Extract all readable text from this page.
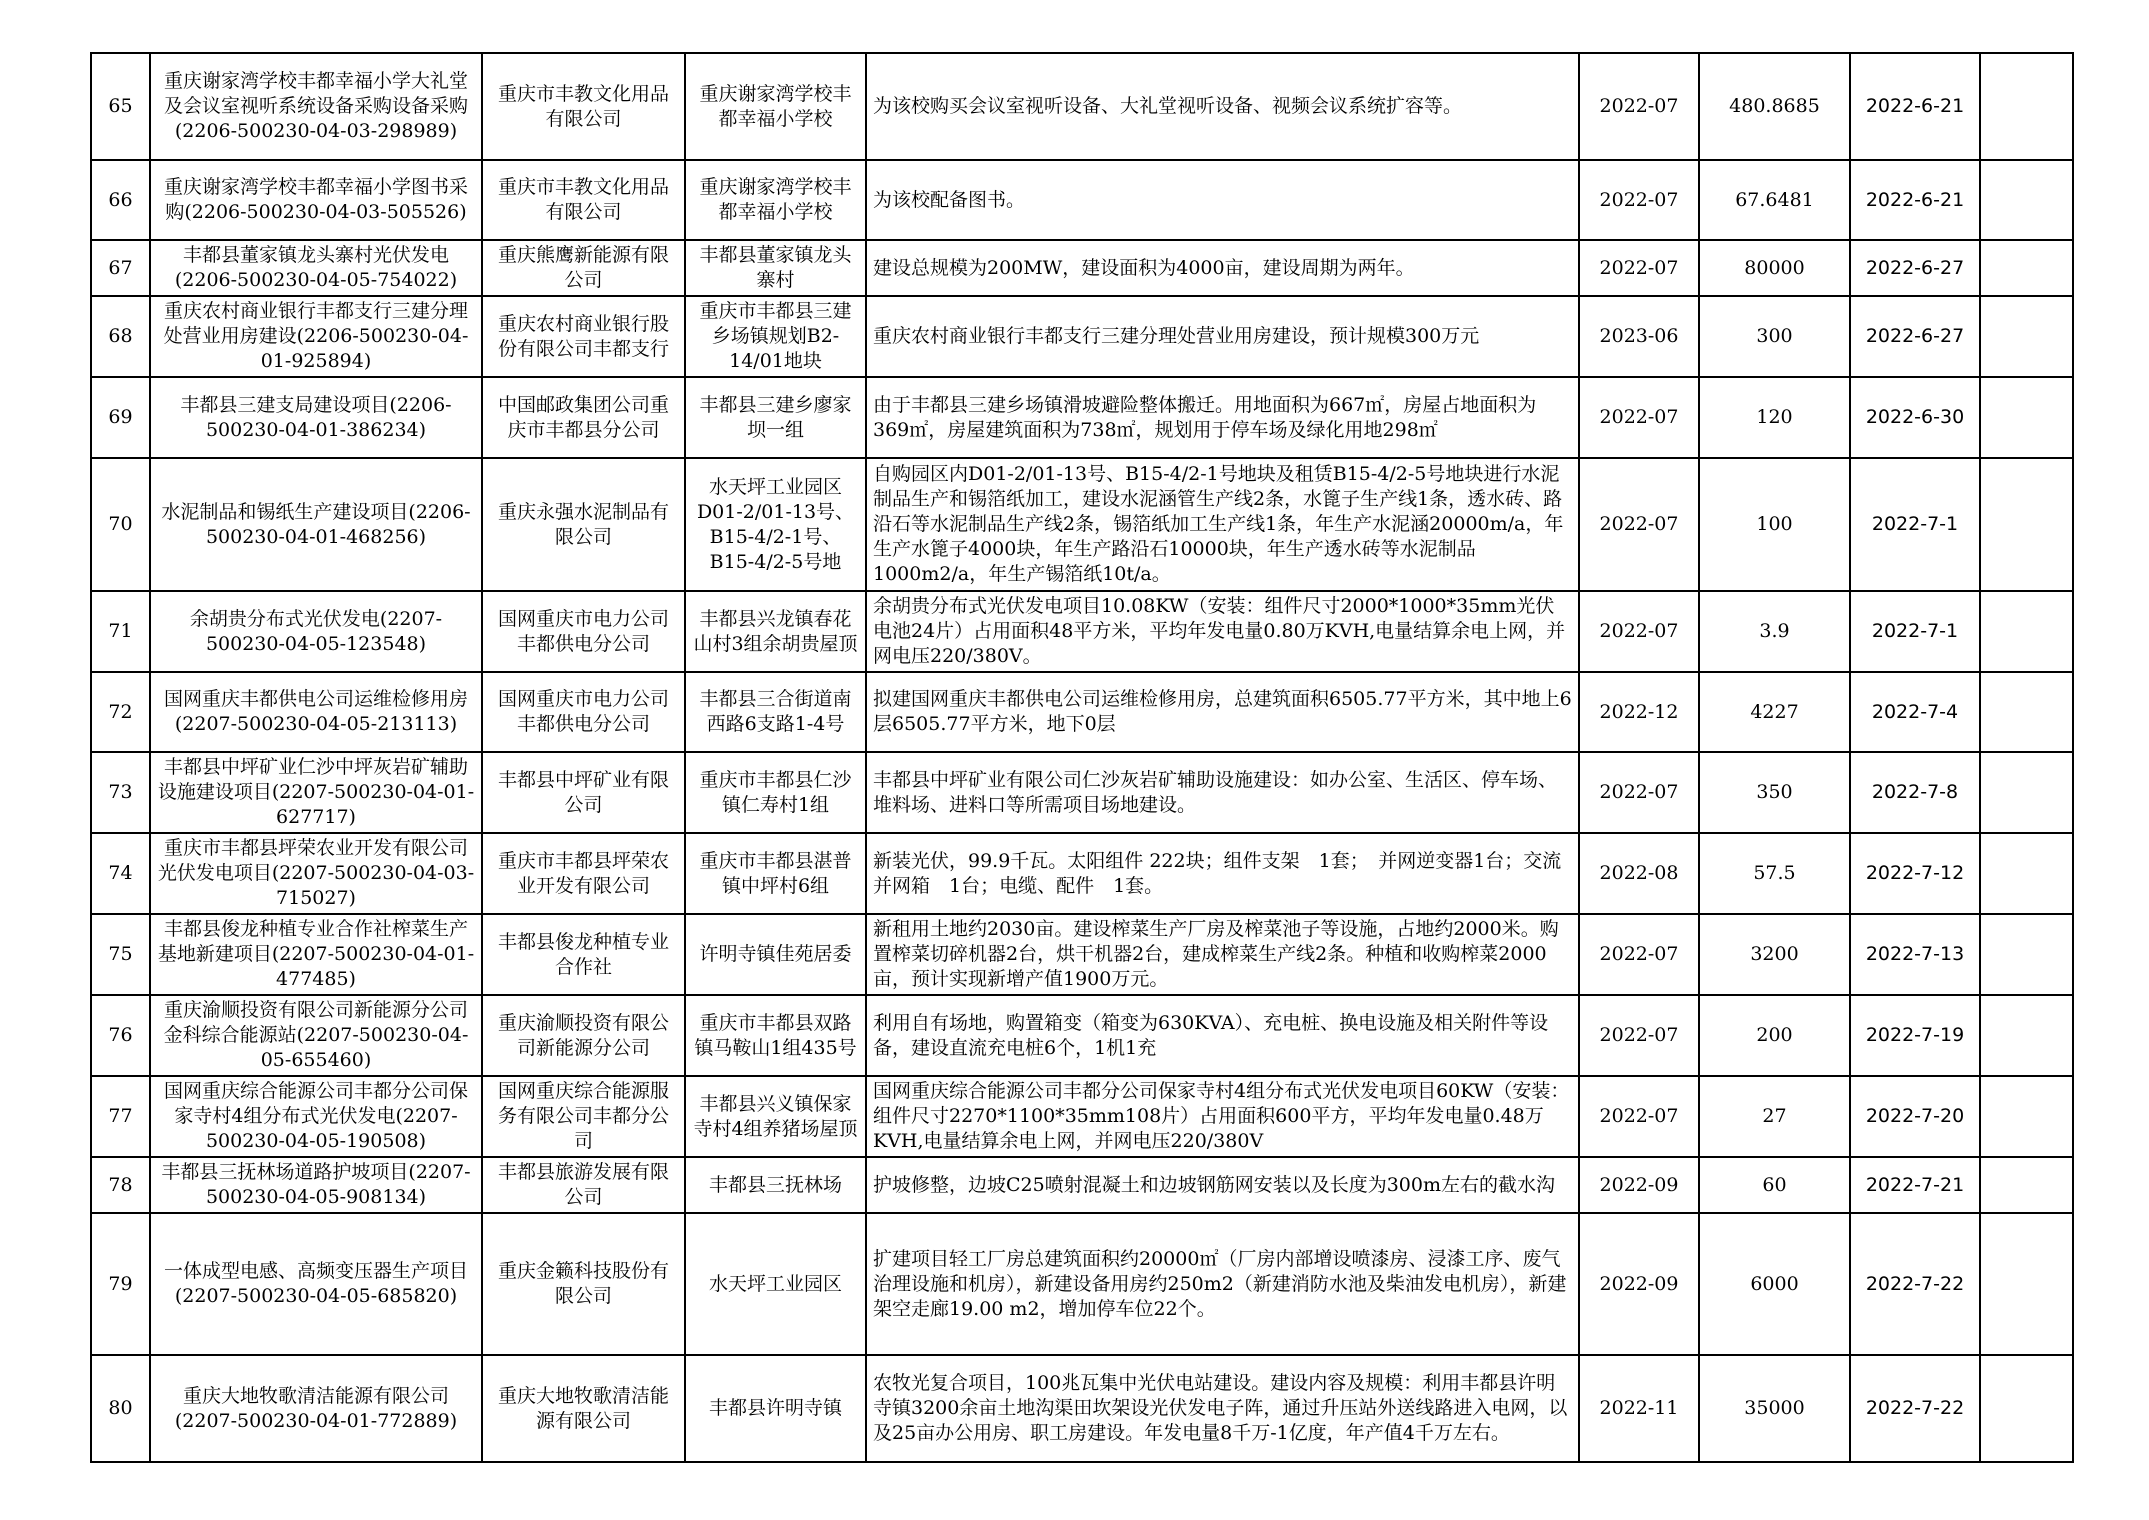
65	重庆谢家湾学校丰都幸福小学大礼堂及会议室视听系统设备采购设备采购(2206-500230-04-03-298989)	重庆市丰教文化用品有限公司	重庆谢家湾学校丰都幸福小学校	为该校购买会议室视听设备、大礼堂视听设备、视频会议系统扩容等。	2022-07	480.8685	2022-6-21	
66	重庆谢家湾学校丰都幸福小学图书采购(2206-500230-04-03-505526)	重庆市丰教文化用品有限公司	重庆谢家湾学校丰都幸福小学校	为该校配备图书。	2022-07	67.6481	2022-6-21	
67	丰都县董家镇龙头寨村光伏发电(2206-500230-04-05-754022)	重庆熊鹰新能源有限公司	丰都县董家镇龙头寨村	建设总规模为200MW，建设面积为4000亩，建设周期为两年。	2022-07	80000	2022-6-27	
68	重庆农村商业银行丰都支行三建分理处营业用房建设(2206-500230-04-01-925894)	重庆农村商业银行股份有限公司丰都支行	重庆市丰都县三建乡场镇规划B2-14/01地块	重庆农村商业银行丰都支行三建分理处营业用房建设，预计规模300万元	2023-06	300	2022-6-27	
69	丰都县三建支局建设项目(2206-500230-04-01-386234)	中国邮政集团公司重庆市丰都县分公司	丰都县三建乡廖家坝一组	由于丰都县三建乡场镇滑坡避险整体搬迁。用地面积为667㎡，房屋占地面积为369㎡，房屋建筑面积为738㎡，规划用于停车场及绿化用地298㎡	2022-07	120	2022-6-30	
70	水泥制品和锡纸生产建设项目(2206-500230-04-01-468256)	重庆永强水泥制品有限公司	水天坪工业园区D01-2/01-13号、B15-4/2-1号、B15-4/2-5号地	自购园区内D01-2/01-13号、B15-4/2-1号地块及租赁B15-4/2-5号地块进行水泥制品生产和锡箔纸加工，建设水泥涵管生产线2条，水篦子生产线1条，透水砖、路沿石等水泥制品生产线2条，锡箔纸加工生产线1条，年生产水泥涵20000m/a，年生产水篦子4000块，年生产路沿石10000块，年生产透水砖等水泥制品1000m2/a，年生产锡箔纸10t/a。	2022-07	100	2022-7-1	
71	余胡贵分布式光伏发电(2207-500230-04-05-123548)	国网重庆市电力公司丰都供电分公司	丰都县兴龙镇春花山村3组余胡贵屋顶	余胡贵分布式光伏发电项目10.08KW（安装：组件尺寸2000*1000*35mm光伏电池24片）占用面积48平方米，平均年发电量0.80万KVH,电量结算余电上网，并网电压220/380V。	2022-07	3.9	2022-7-1	
72	国网重庆丰都供电公司运维检修用房(2207-500230-04-05-213113)	国网重庆市电力公司丰都供电分公司	丰都县三合街道南西路6支路1-4号	拟建国网重庆丰都供电公司运维检修用房，总建筑面积6505.77平方米，其中地上6层6505.77平方米，地下0层	2022-12	4227	2022-7-4	
73	丰都县中坪矿业仁沙中坪灰岩矿辅助设施建设项目(2207-500230-04-01-627717)	丰都县中坪矿业有限公司	重庆市丰都县仁沙镇仁寿村1组	丰都县中坪矿业有限公司仁沙灰岩矿辅助设施建设：如办公室、生活区、停车场、堆料场、进料口等所需项目场地建设。	2022-07	350	2022-7-8	
74	重庆市丰都县坪荣农业开发有限公司光伏发电项目(2207-500230-04-03-715027)	重庆市丰都县坪荣农业开发有限公司	重庆市丰都县湛普镇中坪村6组	新装光伏，99.9千瓦。太阳组件 222块；组件支架　1套；　并网逆变器1台；交流并网箱　1台；电缆、配件　1套。	2022-08	57.5	2022-7-12	
75	丰都县俊龙种植专业合作社榨菜生产基地新建项目(2207-500230-04-01-477485)	丰都县俊龙种植专业合作社	许明寺镇佳苑居委	新租用土地约2030亩。建设榨菜生产厂房及榨菜池子等设施，占地约2000米。购置榨菜切碎机器2台，烘干机器2台，建成榨菜生产线2条。种植和收购榨菜2000亩，预计实现新增产值1900万元。	2022-07	3200	2022-7-13	
76	重庆渝顺投资有限公司新能源分公司金科综合能源站(2207-500230-04-05-655460)	重庆渝顺投资有限公司新能源分公司	重庆市丰都县双路镇马鞍山1组435号	利用自有场地，购置箱变（箱变为630KVA）、充电桩、换电设施及相关附件等设备，建设直流充电桩6个，1机1充	2022-07	200	2022-7-19	
77	国网重庆综合能源公司丰都分公司保家寺村4组分布式光伏发电(2207-500230-04-05-190508)	国网重庆综合能源服务有限公司丰都分公司	丰都县兴义镇保家寺村4组养猪场屋顶	国网重庆综合能源公司丰都分公司保家寺村4组分布式光伏发电项目60KW（安装：组件尺寸2270*1100*35mm108片）占用面积600平方，平均年发电量0.48万KVH,电量结算余电上网，并网电压220/380V	2022-07	27	2022-7-20	
78	丰都县三抚林场道路护坡项目(2207-500230-04-05-908134)	丰都县旅游发展有限公司	丰都县三抚林场	护坡修整，边坡C25喷射混凝土和边坡钢筋网安装以及长度为300m左右的截水沟	2022-09	60	2022-7-21	
79	一体成型电感、高频变压器生产项目(2207-500230-04-05-685820)	重庆金籁科技股份有限公司	水天坪工业园区	扩建项目轻工厂房总建筑面积约20000㎡（厂房内部增设喷漆房、浸漆工序、废气治理设施和机房），新建设备用房约250m2（新建消防水池及柴油发电机房），新建架空走廊19.00 m2，增加停车位22个。	2022-09	6000	2022-7-22	
80	重庆大地牧歌清洁能源有限公司(2207-500230-04-01-772889)	重庆大地牧歌清洁能源有限公司	丰都县许明寺镇	农牧光复合项目，100兆瓦集中光伏电站建设。建设内容及规模：利用丰都县许明寺镇3200余亩土地沟渠田坎架设光伏发电子阵，通过升压站外送线路进入电网，以及25亩办公用房、职工房建设。年发电量8千万-1亿度，年产值4千万左右。	2022-11	35000	2022-7-22	
